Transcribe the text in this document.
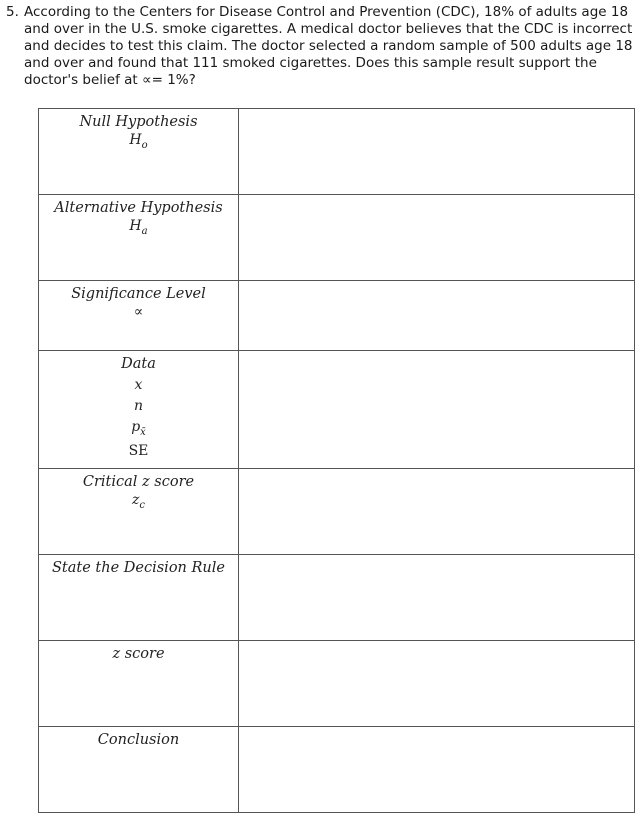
5. According to the Centers for Disease Control and Prevention (CDC), 18% of adults age 18 and over in the U.S. smoke cigarettes. A medical doctor believes that the CDC is incorrect and decides to test this claim. The doctor selected a random sample of 500 adults age 18 and over and found that 111 smoked cigarettes. Does this sample result support the doctor's belief at ∝= 1%?
Null Hypothesis
$H_o$

Alternative Hypothesis
$H_a$

Significance Level
∝	

Data
x
n
$p_{x̄}$
SE	

Critical z score
$z_c$

State the Decision Rule	

z score	

Conclusion	
